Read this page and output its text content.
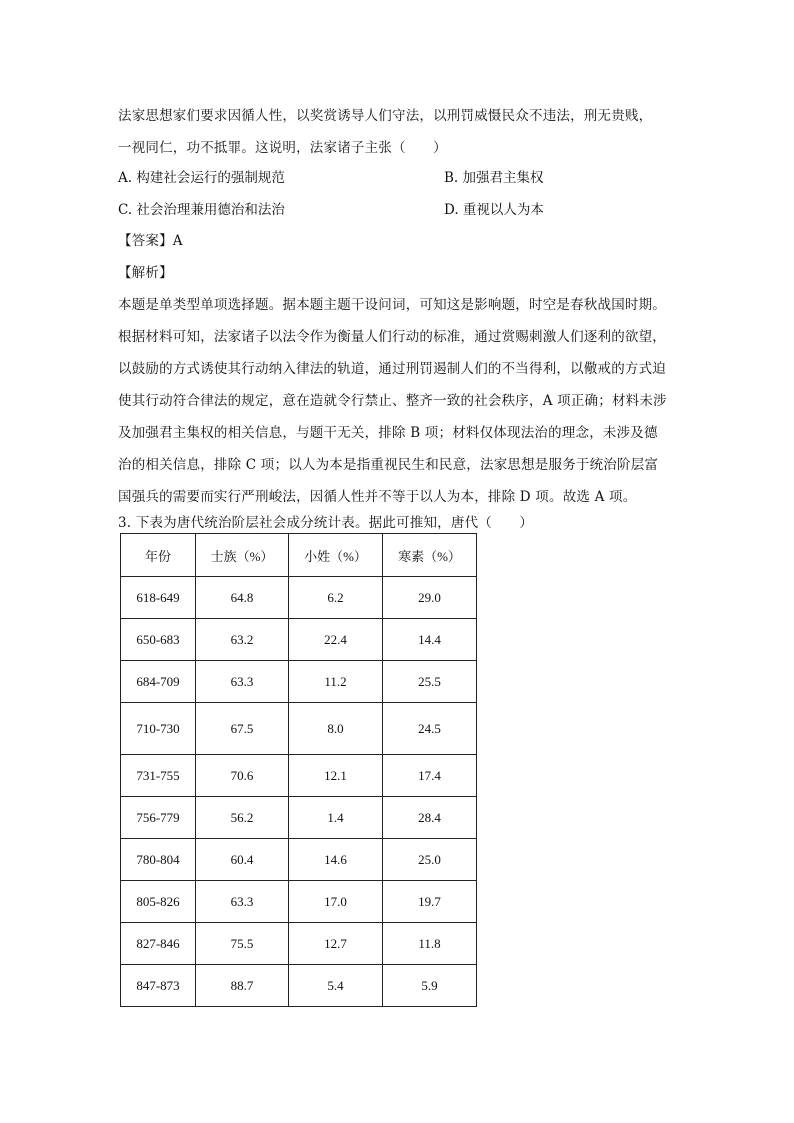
法家思想家们要求因循人性，以奖赏诱导人们守法，以刑罚威慑民众不违法，刑无贵贱，
一视同仁，功不抵罪。这说明，法家诸子主张（　　）
A. 构建社会运行的强制规范	B. 加强君主集权
C. 社会治理兼用德治和法治	D. 重视以人为本
【答案】A
【解析】
本题是单类型单项选择题。据本题主题干设问词，可知这是影响题，时空是春秋战国时期。
根据材料可知，法家诸子以法令作为衡量人们行动的标准，通过赏赐刺激人们逐利的欲望，
以鼓励的方式诱使其行动纳入律法的轨道，通过刑罚遏制人们的不当得利，以儆戒的方式迫
使其行动符合律法的规定，意在造就令行禁止、整齐一致的社会秩序，A 项正确；材料未涉
及加强君主集权的相关信息，与题干无关，排除 B 项；材料仅体现法治的理念，未涉及德
治的相关信息，排除 C 项；以人为本是指重视民生和民意，法家思想是服务于统治阶层富
国强兵的需要而实行严刑峻法，因循人性并不等于以人为本，排除 D 项。故选 A 项。
3. 下表为唐代统治阶层社会成分统计表。据此可推知，唐代（　　）
年份	士族（%）	小姓（%）	寒素（%）
618-649	64.8	6.2	29.0
650-683	63.2	22.4	14.4
684-709	63.3	11.2	25.5
710-730	67.5	8.0	24.5
731-755	70.6	12.1	17.4
756-779	56.2	1.4	28.4
780-804	60.4	14.6	25.0
805-826	63.3	17.0	19.7
827-846	75.5	12.7	11.8
847-873	88.7	5.4	5.9
